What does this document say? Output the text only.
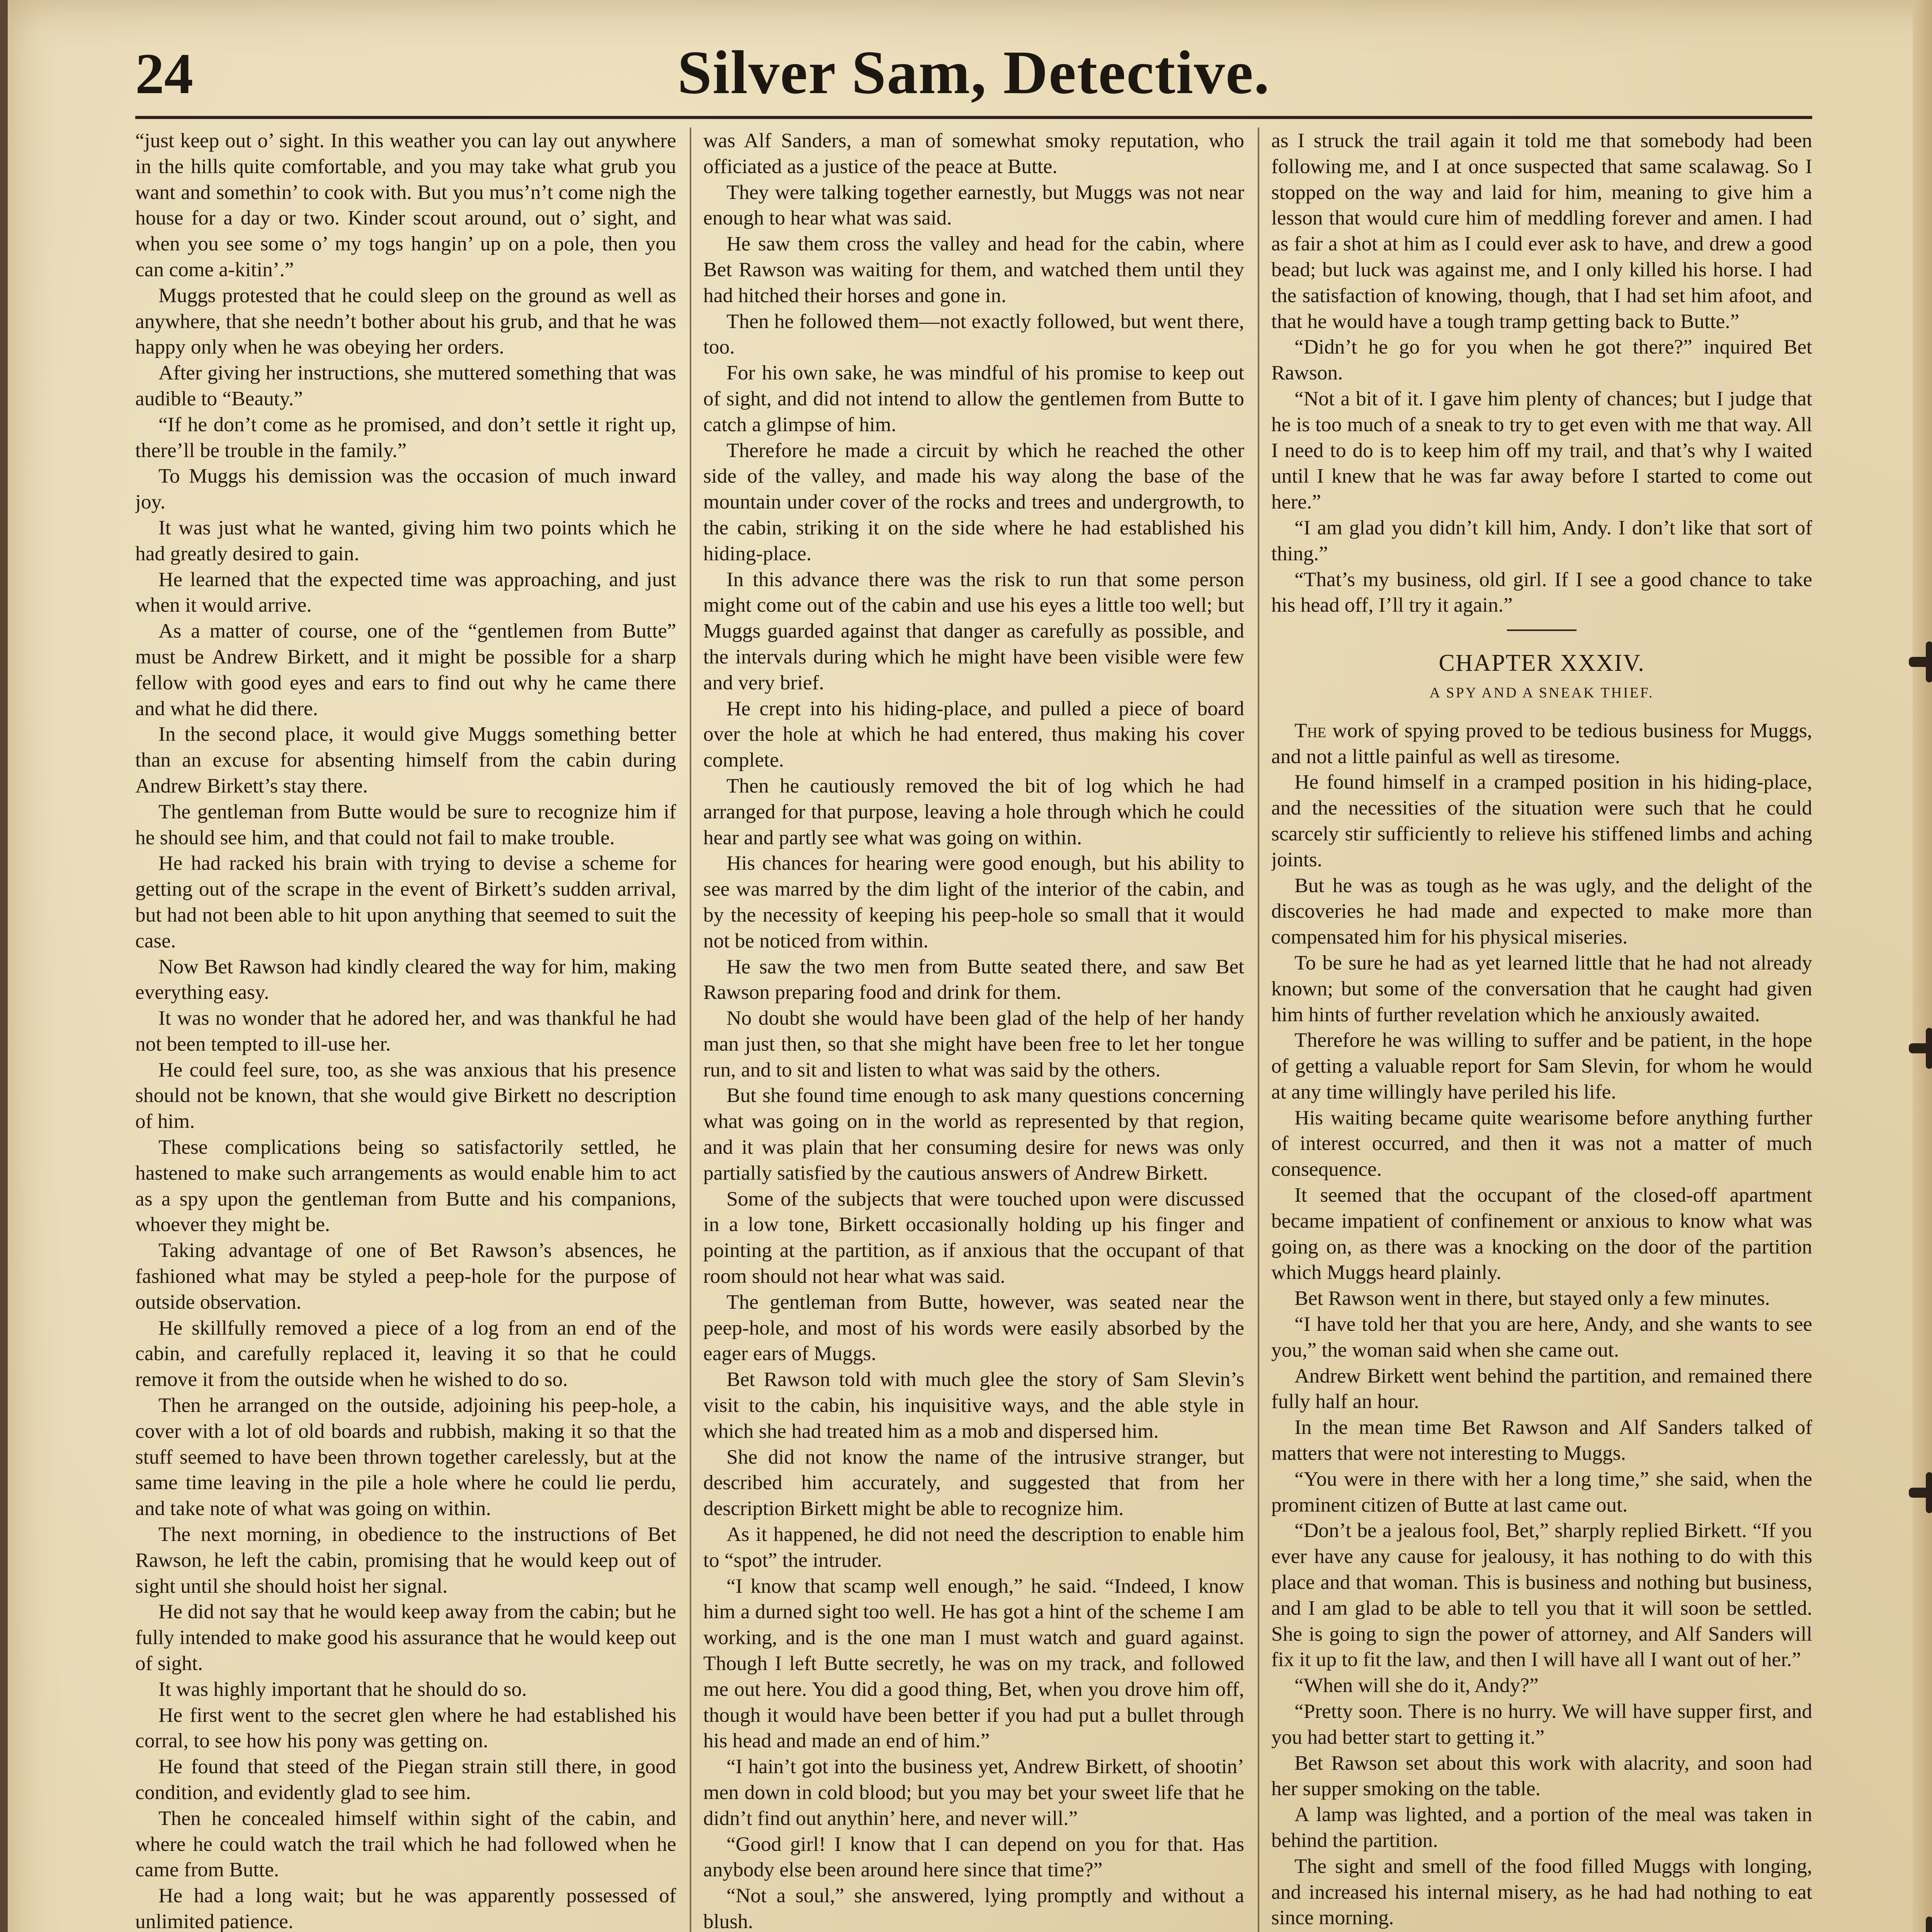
24	Silver Sam, Detective.

“just keep out o’ sight. In this weather you can lay out anywhere in the hills quite comfortable, and you may take what grub you want and somethin’ to cook with. But you mus’n’t come nigh the house for a day or two. Kinder scout around, out o’ sight, and when you see some o’ my togs hangin’ up on a pole, then you can come a-kitin’.”

Muggs protested that he could sleep on the ground as well as anywhere, that she needn’t bother about his grub, and that he was happy only when he was obeying her orders.

After giving her instructions, she muttered something that was audible to “Beauty.”

“If he don’t come as he promised, and don’t settle it right up, there’ll be trouble in the family.”

To Muggs his demission was the occasion of much inward joy.

It was just what he wanted, giving him two points which he had greatly desired to gain.

He learned that the expected time was approaching, and just when it would arrive.

As a matter of course, one of the “gentlemen from Butte” must be Andrew Birkett, and it might be possible for a sharp fellow with good eyes and ears to find out why he came there and what he did there.

In the second place, it would give Muggs something better than an excuse for absenting himself from the cabin during Andrew Birkett’s stay there.

The gentleman from Butte would be sure to recognize him if he should see him, and that could not fail to make trouble.

He had racked his brain with trying to devise a scheme for getting out of the scrape in the event of Birkett’s sudden arrival, but had not been able to hit upon anything that seemed to suit the case.

Now Bet Rawson had kindly cleared the way for him, making everything easy.

It was no wonder that he adored her, and was thankful he had not been tempted to ill-use her.

He could feel sure, too, as she was anxious that his presence should not be known, that she would give Birkett no description of him.

These complications being so satisfactorily settled, he hastened to make such arrangements as would enable him to act as a spy upon the gentleman from Butte and his companions, whoever they might be.

Taking advantage of one of Bet Rawson’s absences, he fashioned what may be styled a peep-hole for the purpose of outside observation.

He skillfully removed a piece of a log from an end of the cabin, and carefully replaced it, leaving it so that he could remove it from the outside when he wished to do so.

Then he arranged on the outside, adjoining his peep-hole, a cover with a lot of old boards and rubbish, making it so that the stuff seemed to have been thrown together carelessly, but at the same time leaving in the pile a hole where he could lie perdu, and take note of what was going on within.

The next morning, in obedience to the instructions of Bet Rawson, he left the cabin, promising that he would keep out of sight until she should hoist her signal.

He did not say that he would keep away from the cabin; but he fully intended to make good his assurance that he would keep out of sight.

It was highly important that he should do so.

He first went to the secret glen where he had established his corral, to see how his pony was getting on.

He found that steed of the Piegan strain still there, in good condition, and evidently glad to see him.

Then he concealed himself within sight of the cabin, and where he could watch the trail which he had followed when he came from Butte.

He had a long wait; but he was apparently possessed of unlimited patience.

was Alf Sanders, a man of somewhat smoky reputation, who officiated as a justice of the peace at Butte.

They were talking together earnestly, but Muggs was not near enough to hear what was said.

He saw them cross the valley and head for the cabin, where Bet Rawson was waiting for them, and watched them until they had hitched their horses and gone in.

Then he followed them—not exactly followed, but went there, too.

For his own sake, he was mindful of his promise to keep out of sight, and did not intend to allow the gentlemen from Butte to catch a glimpse of him.

Therefore he made a circuit by which he reached the other side of the valley, and made his way along the base of the mountain under cover of the rocks and trees and undergrowth, to the cabin, striking it on the side where he had established his hiding-place.

In this advance there was the risk to run that some person might come out of the cabin and use his eyes a little too well; but Muggs guarded against that danger as carefully as possible, and the intervals during which he might have been visible were few and very brief.

He crept into his hiding-place, and pulled a piece of board over the hole at which he had entered, thus making his cover complete.

Then he cautiously removed the bit of log which he had arranged for that purpose, leaving a hole through which he could hear and partly see what was going on within.

His chances for hearing were good enough, but his ability to see was marred by the dim light of the interior of the cabin, and by the necessity of keeping his peep-hole so small that it would not be noticed from within.

He saw the two men from Butte seated there, and saw Bet Rawson preparing food and drink for them.

No doubt she would have been glad of the help of her handy man just then, so that she might have been free to let her tongue run, and to sit and listen to what was said by the others.

But she found time enough to ask many questions concerning what was going on in the world as represented by that region, and it was plain that her consuming desire for news was only partially satisfied by the cautious answers of Andrew Birkett.

Some of the subjects that were touched upon were discussed in a low tone, Birkett occasionally holding up his finger and pointing at the partition, as if anxious that the occupant of that room should not hear what was said.

The gentleman from Butte, however, was seated near the peep-hole, and most of his words were easily absorbed by the eager ears of Muggs.

Bet Rawson told with much glee the story of Sam Slevin’s visit to the cabin, his inquisitive ways, and the able style in which she had treated him as a mob and dispersed him.

She did not know the name of the intrusive stranger, but described him accurately, and suggested that from her description Birkett might be able to recognize him.

As it happened, he did not need the description to enable him to “spot” the intruder.

“I know that scamp well enough,” he said. “Indeed, I know him a durned sight too well. He has got a hint of the scheme I am working, and is the one man I must watch and guard against. Though I left Butte secretly, he was on my track, and followed me out here. You did a good thing, Bet, when you drove him off, though it would have been better if you had put a bullet through his head and made an end of him.”

“I hain’t got into the business yet, Andrew Birkett, of shootin’ men down in cold blood; but you may bet your sweet life that he didn’t find out anythin’ here, and never will.”

“Good girl! I know that I can depend on you for that. Has anybody else been around here since that time?”

“Not a soul,” she answered, lying promptly and without a blush.

as I struck the trail again it told me that somebody had been following me, and I at once suspected that same scalawag. So I stopped on the way and laid for him, meaning to give him a lesson that would cure him of meddling forever and amen. I had as fair a shot at him as I could ever ask to have, and drew a good bead; but luck was against me, and I only killed his horse. I had the satisfaction of knowing, though, that I had set him afoot, and that he would have a tough tramp getting back to Butte.”

“Didn’t he go for you when he got there?” inquired Bet Rawson.

“Not a bit of it. I gave him plenty of chances; but I judge that he is too much of a sneak to try to get even with me that way. All I need to do is to keep him off my trail, and that’s why I waited until I knew that he was far away before I started to come out here.”

“I am glad you didn’t kill him, Andy. I don’t like that sort of thing.”

“That’s my business, old girl. If I see a good chance to take his head off, I’ll try it again.”

CHAPTER XXXIV.

A SPY AND A SNEAK THIEF.

The work of spying proved to be tedious business for Muggs, and not a little painful as well as tiresome.

He found himself in a cramped position in his hiding-place, and the necessities of the situation were such that he could scarcely stir sufficiently to relieve his stiffened limbs and aching joints.

But he was as tough as he was ugly, and the delight of the discoveries he had made and expected to make more than compensated him for his physical miseries.

To be sure he had as yet learned little that he had not already known; but some of the conversation that he caught had given him hints of further revelation which he anxiously awaited.

Therefore he was willing to suffer and be patient, in the hope of getting a valuable report for Sam Slevin, for whom he would at any time willingly have periled his life.

His waiting became quite wearisome before anything further of interest occurred, and then it was not a matter of much consequence.

It seemed that the occupant of the closed-off apartment became impatient of confinement or anxious to know what was going on, as there was a knocking on the door of the partition which Muggs heard plainly.

Bet Rawson went in there, but stayed only a few minutes.

“I have told her that you are here, Andy, and she wants to see you,” the woman said when she came out.

Andrew Birkett went behind the partition, and remained there fully half an hour.

In the mean time Bet Rawson and Alf Sanders talked of matters that were not interesting to Muggs.

“You were in there with her a long time,” she said, when the prominent citizen of Butte at last came out.

“Don’t be a jealous fool, Bet,” sharply replied Birkett. “If you ever have any cause for jealousy, it has nothing to do with this place and that woman. This is business and nothing but business, and I am glad to be able to tell you that it will soon be settled. She is going to sign the power of attorney, and Alf Sanders will fix it up to fit the law, and then I will have all I want out of her.”

“When will she do it, Andy?”

“Pretty soon. There is no hurry. We will have supper first, and you had better start to getting it.”

Bet Rawson set about this work with alacrity, and soon had her supper smoking on the table.

A lamp was lighted, and a portion of the meal was taken in behind the partition.

The sight and smell of the food filled Muggs with longing, and increased his internal misery, as he had had nothing to eat since morning.
